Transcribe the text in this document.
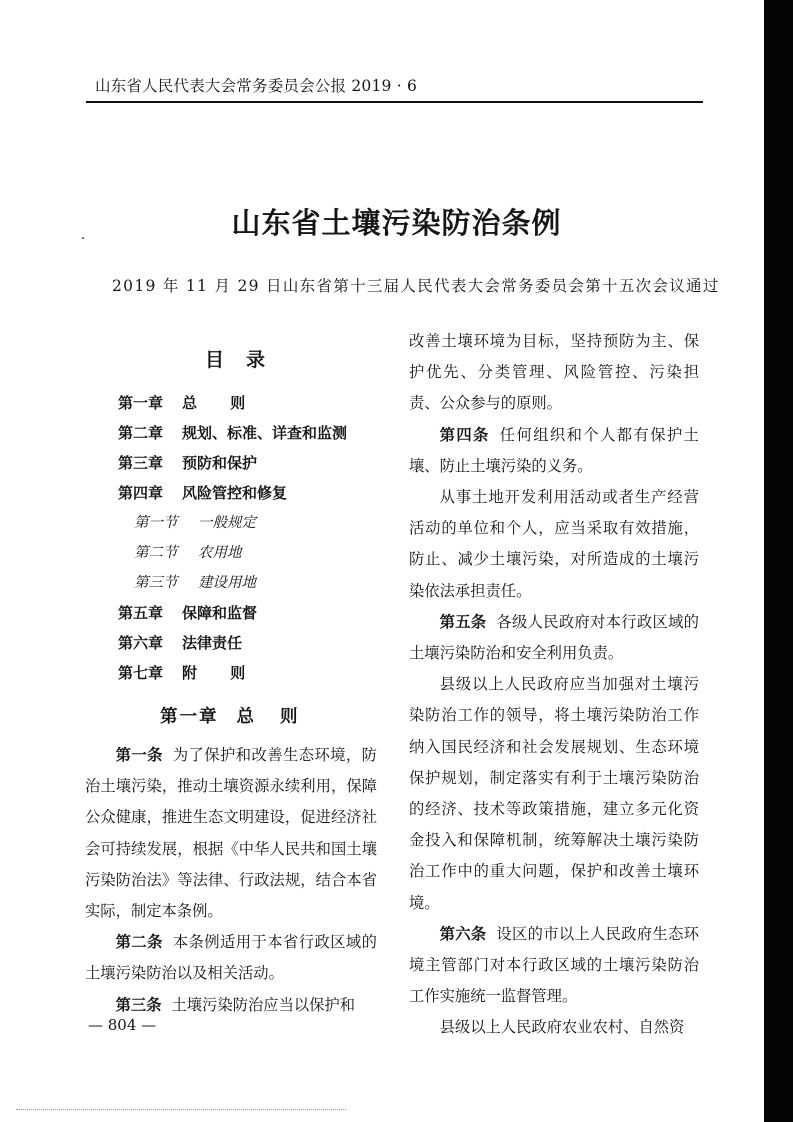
山东省人民代表大会常务委员会公报 2019 · 6
山东省土壤污染防治条例
2019 年 11 月 29 日山东省第十三届人民代表大会常务委员会第十五次会议通过
目 录
第一章 总 则
第二章 规划、标准、详查和监测
第三章 预防和保护
第四章 风险管控和修复
第一节 一般规定
第二节 农用地
第三节 建设用地
第五章 保障和监督
第六章 法律责任
第七章 附 则
第一章 总 则

第一条 为了保护和改善生态环境，防治土壤污染，推动土壤资源永续利用，保障公众健康，推进生态文明建设，促进经济社会可持续发展，根据《中华人民共和国土壤污染防治法》等法律、行政法规，结合本省实际，制定本条例。

第二条 本条例适用于本省行政区域的土壤污染防治以及相关活动。

第三条 土壤污染防治应当以保护和

改善土壤环境为目标，坚持预防为主、保护优先、分类管理、风险管控、污染担责、公众参与的原则。

第四条 任何组织和个人都有保护土壤、防止土壤污染的义务。

从事土地开发利用活动或者生产经营活动的单位和个人，应当采取有效措施，防止、减少土壤污染，对所造成的土壤污染依法承担责任。

第五条 各级人民政府对本行政区域的土壤污染防治和安全利用负责。

县级以上人民政府应当加强对土壤污染防治工作的领导，将土壤污染防治工作纳入国民经济和社会发展规划、生态环境保护规划，制定落实有利于土壤污染防治的经济、技术等政策措施，建立多元化资金投入和保障机制，统筹解决土壤污染防治工作中的重大问题，保护和改善土壤环境。

第六条 设区的市以上人民政府生态环境主管部门对本行政区域的土壤污染防治工作实施统一监督管理。

县级以上人民政府农业农村、自然资

— 804 —
